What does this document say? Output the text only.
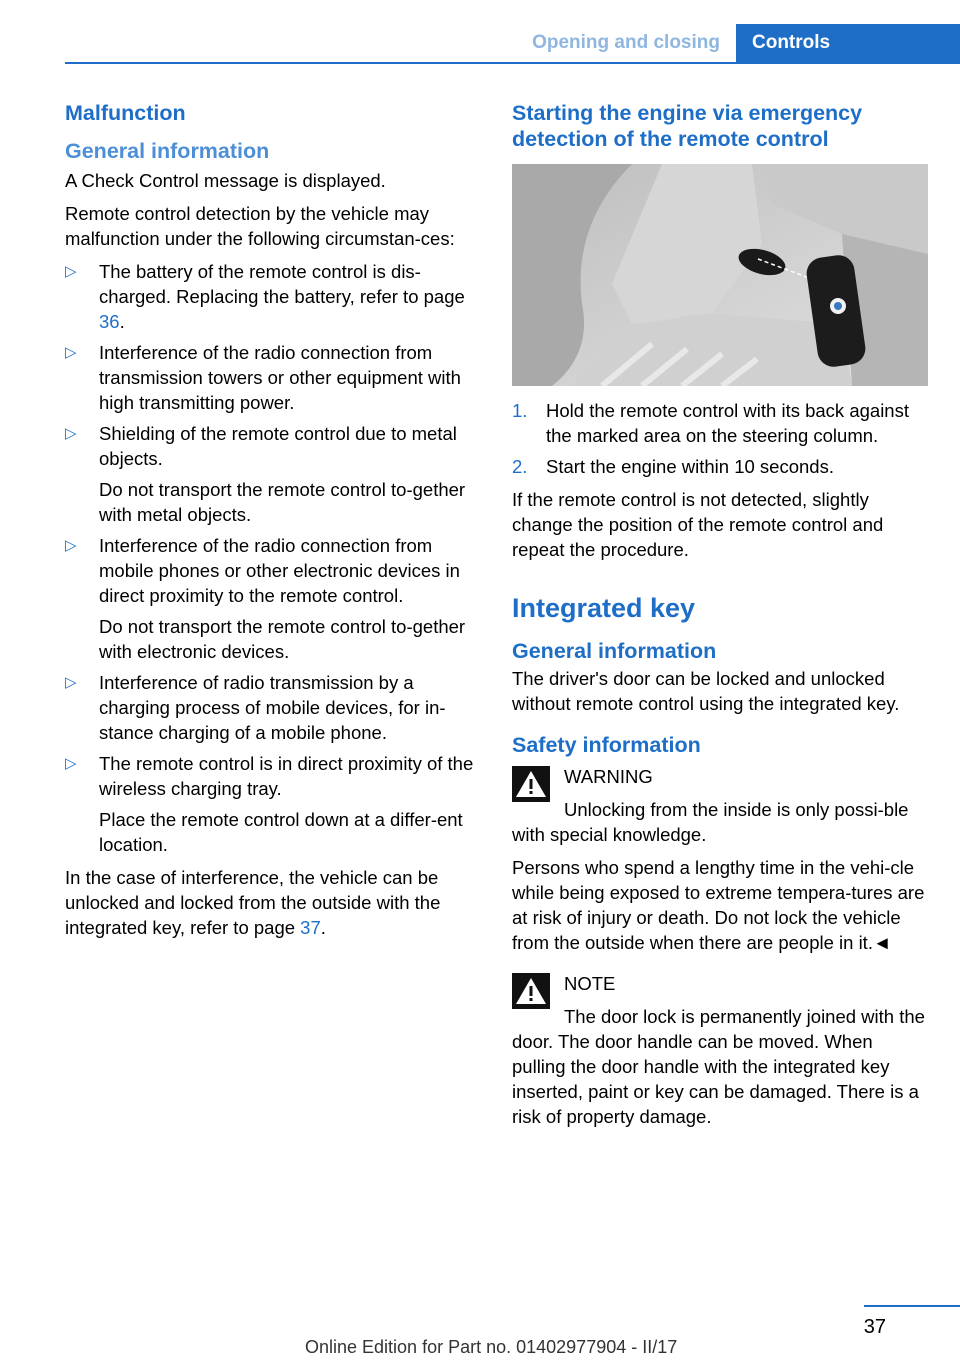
Opening and closing	Controls
Malfunction
General information

A Check Control message is displayed.

Remote control detection by the vehicle may malfunction under the following circumstan‐ces:

▷ The battery of the remote control is dis‐charged. Replacing the battery, refer to page 36.

▷ Interference of the radio connection from transmission towers or other equipment with high transmitting power.

▷ Shielding of the remote control due to metal objects.

Do not transport the remote control to‐gether with metal objects.

▷ Interference of the radio connection from mobile phones or other electronic devices in direct proximity to the remote control.

Do not transport the remote control to‐gether with electronic devices.

▷ Interference of radio transmission by a charging process of mobile devices, for in‐stance charging of a mobile phone.

▷ The remote control is in direct proximity of the wireless charging tray.

Place the remote control down at a differ‐ent location.

In the case of interference, the vehicle can be unlocked and locked from the outside with the integrated key, refer to page 37.

Starting the engine via emergency detection of the remote control
1. Hold the remote control with its back against the marked area on the steering column.
2. Start the engine within 10 seconds.

If the remote control is not detected, slightly change the position of the remote control and repeat the procedure.

Integrated key
General information

The driver's door can be locked and unlocked without remote control using the integrated key.

Safety information

WARNING

Unlocking from the inside is only possi‐ble with special knowledge.

Persons who spend a lengthy time in the vehi‐cle while being exposed to extreme tempera‐tures are at risk of injury or death. Do not lock the vehicle from the outside when there are people in it.◄

NOTE

The door lock is permanently joined with the door. The door handle can be moved. When pulling the door handle with the integrated key inserted, paint or key can be damaged. There is a risk of property damage.

37
Online Edition for Part no. 01402977904 - II/17
